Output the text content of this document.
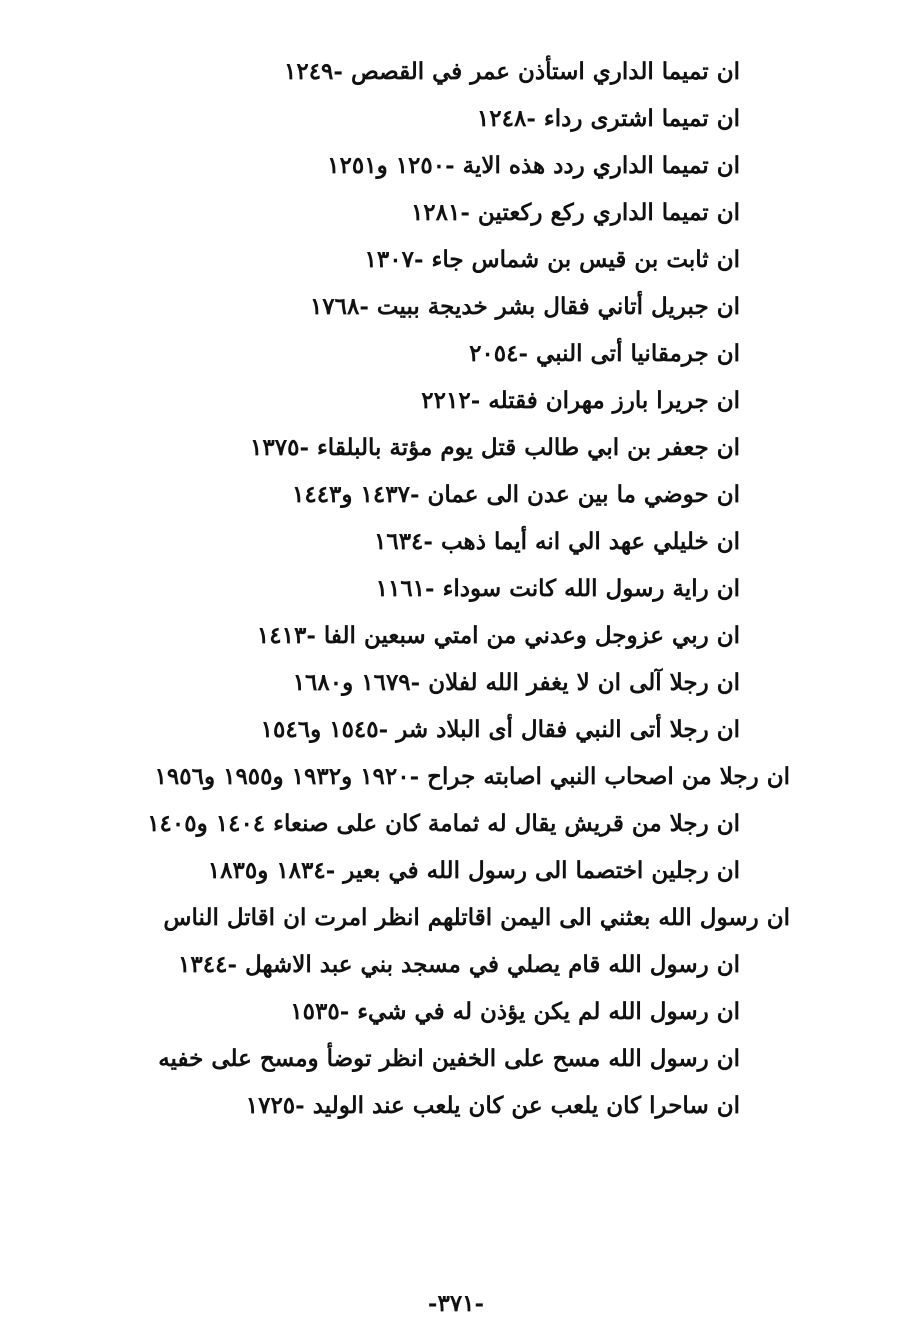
ان تميما الداري استأذن عمر في القصص -١٢٤٩
ان تميما اشترى رداء -١٢٤٨
ان تميما الداري ردد هذه الاية -١٢٥٠ و١٢٥١
ان تميما الداري ركع ركعتين -١٢٨١
ان ثابت بن قيس بن شماس جاء -١٣٠٧
ان جبريل أتاني فقال بشر خديجة ببيت -١٧٦٨
ان جرمقانيا أتى النبي -٢٠٥٤
ان جريرا بارز مهران فقتله -٢٢١٢
ان جعفر بن ابي طالب قتل يوم مؤتة بالبلقاء -١٣٧٥
ان حوضي ما بين عدن الى عمان -١٤٣٧ و١٤٤٣
ان خليلي عهد الي انه أيما ذهب -١٦٣٤
ان راية رسول الله كانت سوداء -١١٦١
ان ربي عزوجل وعدني من امتي سبعين الفا -١٤١٣
ان رجلا آلى ان لا يغفر الله لفلان -١٦٧٩ و١٦٨٠
ان رجلا أتى النبي فقال أى البلاد شر -١٥٤٥ و١٥٤٦
ان رجلا من اصحاب النبي اصابته جراح -١٩٢٠ و١٩٣٢ و١٩٥٥ و١٩٥٦
ان رجلا من قريش يقال له ثمامة كان على صنعاء ١٤٠٤ و١٤٠٥
ان رجلين اختصما الى رسول الله في بعير -١٨٣٤ و١٨٣٥
ان رسول الله بعثني الى اليمن اقاتلهم انظر امرت ان اقاتل الناس
ان رسول الله قام يصلي في مسجد بني عبد الاشهل -١٣٤٤
ان رسول الله لم يكن يؤذن له في شيء -١٥٣٥
ان رسول الله مسح على الخفين انظر توضأ ومسح على خفيه
ان ساحرا كان يلعب عن كان يلعب عند الوليد -١٧٢٥
-٣٧١-
